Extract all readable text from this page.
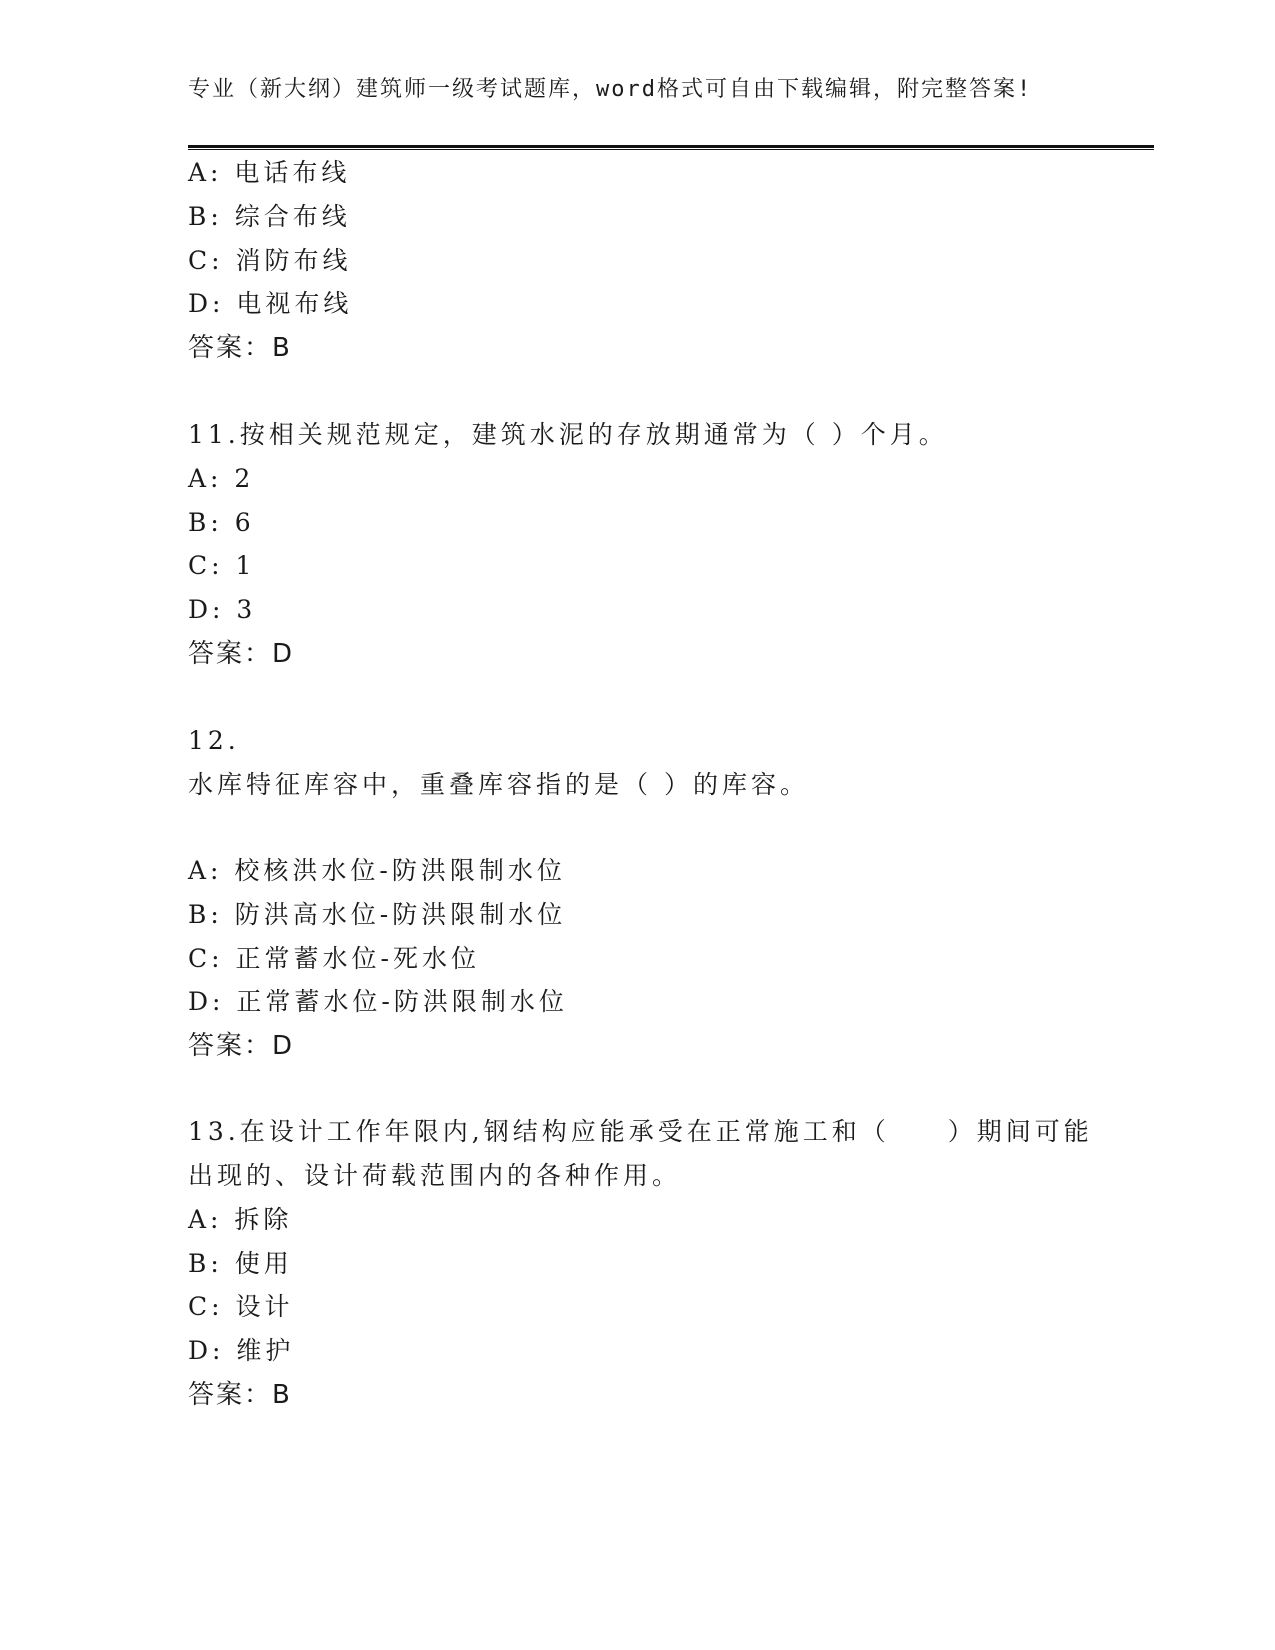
专业（新大纲）建筑师一级考试题库，word格式可自由下载编辑，附完整答案!
A: 电话布线
B: 综合布线
C: 消防布线
D: 电视布线
答案：B
11.按相关规范规定，建筑水泥的存放期通常为（ ）个月。
A: 2
B: 6
C: 1
D: 3
答案：D
12.
水库特征库容中，重叠库容指的是（ ）的库容。
A: 校核洪水位-防洪限制水位
B: 防洪高水位-防洪限制水位
C: 正常蓄水位-死水位
D: 正常蓄水位-防洪限制水位
答案：D
13.在设计工作年限内,钢结构应能承受在正常施工和（　　）期间可能
出现的、设计荷载范围内的各种作用。
A: 拆除
B: 使用
C: 设计
D: 维护
答案：B
